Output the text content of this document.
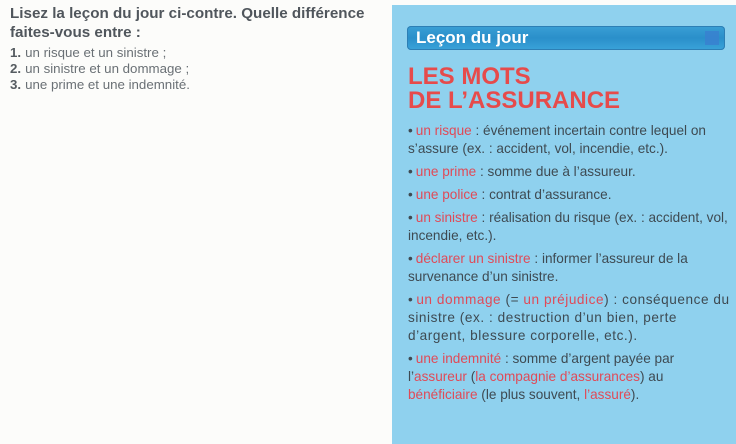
Lisez la leçon du jour ci-contre. Quelle différence faites-vous entre :

1. un risque et un sinistre ;
2. un sinistre et un dommage ;
3. une prime et une indemnité.
Leçon du jour
LES MOTS
DE L’ASSURANCE

• un risque : événement incertain contre lequel on s’assure (ex. : accident, vol, incendie, etc.).

• une prime : somme due à l’assureur.

• une police : contrat d’assurance.

• un sinistre : réalisation du risque (ex. : accident, vol, incendie, etc.).

• déclarer un sinistre : informer l’assureur de la survenance d’un sinistre.

• un dommage (= un préjudice) : conséquence du sinistre (ex. : destruction d’un bien, perte d’argent, blessure corporelle, etc.).

• une indemnité : somme d’argent payée par l’assureur (la compagnie d’assurances) au bénéficiaire (le plus souvent, l’assuré).
